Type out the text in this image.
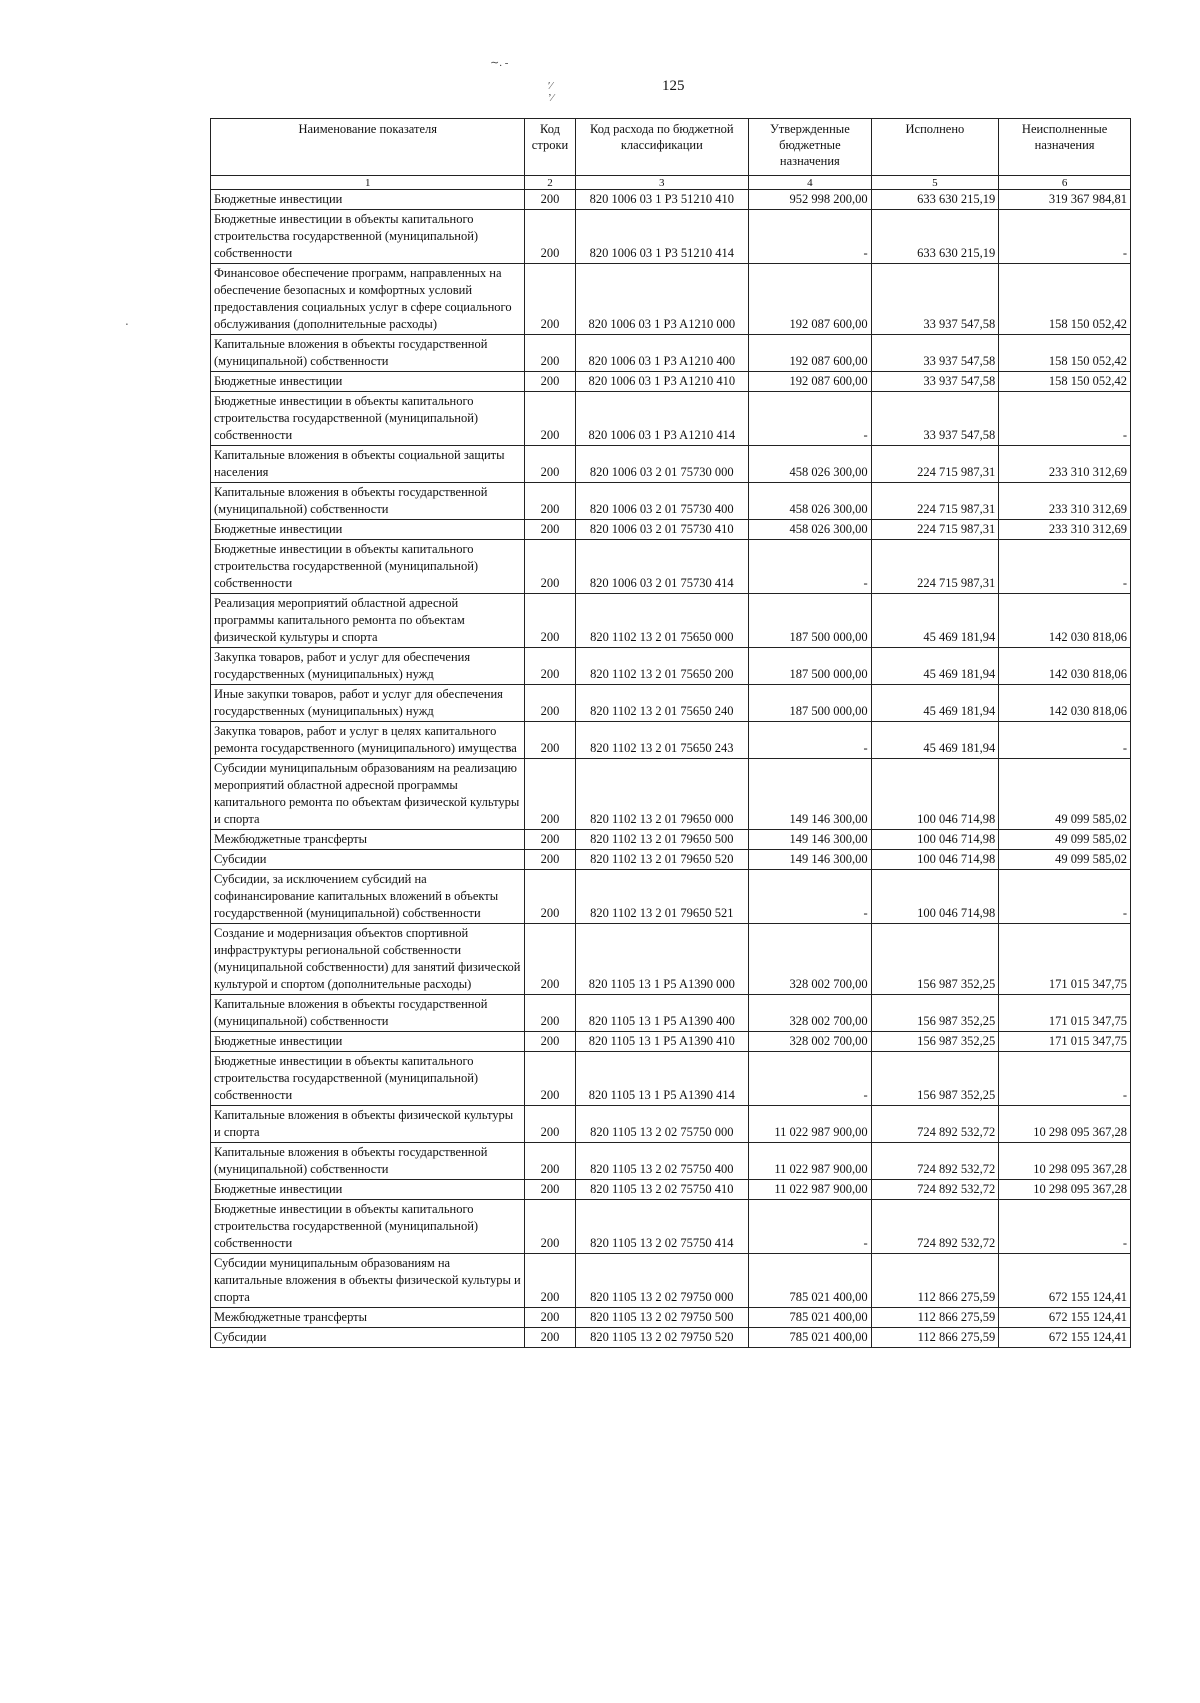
∼. -
′⁄
’⁄
⋅
125
Наименование показателя	Код строки	Код расхода по бюджетной классификации	Утвержденные бюджетные назначения	Исполнено	Неисполненные назначения
1	2	3	4	5	6
Бюджетные инвестиции	200	820 1006 03 1 P3 51210 410	952 998 200,00	633 630 215,19	319 367 984,81
Бюджетные инвестиции в объекты капитального строительства государственной (муниципальной) собственности	200	820 1006 03 1 P3 51210 414	-	633 630 215,19	-
Финансовое обеспечение программ, направленных на обеспечение безопасных и комфортных условий предоставления социальных услуг в сфере социального обслуживания (дополнительные расходы)	200	820 1006 03 1 P3 A1210 000	192 087 600,00	33 937 547,58	158 150 052,42
Капитальные вложения в объекты государственной (муниципальной) собственности	200	820 1006 03 1 P3 A1210 400	192 087 600,00	33 937 547,58	158 150 052,42
Бюджетные инвестиции	200	820 1006 03 1 P3 A1210 410	192 087 600,00	33 937 547,58	158 150 052,42
Бюджетные инвестиции в объекты капитального строительства государственной (муниципальной) собственности	200	820 1006 03 1 P3 A1210 414	-	33 937 547,58	-
Капитальные вложения в объекты социальной защиты населения	200	820 1006 03 2 01 75730 000	458 026 300,00	224 715 987,31	233 310 312,69
Капитальные вложения в объекты государственной (муниципальной) собственности	200	820 1006 03 2 01 75730 400	458 026 300,00	224 715 987,31	233 310 312,69
Бюджетные инвестиции	200	820 1006 03 2 01 75730 410	458 026 300,00	224 715 987,31	233 310 312,69
Бюджетные инвестиции в объекты капитального строительства государственной (муниципальной) собственности	200	820 1006 03 2 01 75730 414	-	224 715 987,31	-
Реализация мероприятий областной адресной программы капитального ремонта по объектам физической культуры и спорта	200	820 1102 13 2 01 75650 000	187 500 000,00	45 469 181,94	142 030 818,06
Закупка товаров, работ и услуг для обеспечения государственных (муниципальных) нужд	200	820 1102 13 2 01 75650 200	187 500 000,00	45 469 181,94	142 030 818,06
Иные закупки товаров, работ и услуг для обеспечения государственных (муниципальных) нужд	200	820 1102 13 2 01 75650 240	187 500 000,00	45 469 181,94	142 030 818,06
Закупка товаров, работ и услуг в целях капитального ремонта государственного (муниципального) имущества	200	820 1102 13 2 01 75650 243	-	45 469 181,94	-
Субсидии муниципальным образованиям на реализацию мероприятий областной адресной программы капитального ремонта по объектам физической культуры и спорта	200	820 1102 13 2 01 79650 000	149 146 300,00	100 046 714,98	49 099 585,02
Межбюджетные трансферты	200	820 1102 13 2 01 79650 500	149 146 300,00	100 046 714,98	49 099 585,02
Субсидии	200	820 1102 13 2 01 79650 520	149 146 300,00	100 046 714,98	49 099 585,02
Субсидии, за исключением субсидий на софинансирование капитальных вложений в объекты государственной (муниципальной) собственности	200	820 1102 13 2 01 79650 521	-	100 046 714,98	-
Создание и модернизация объектов спортивной инфраструктуры региональной собственности (муниципальной собственности) для занятий физической культурой и спортом (дополнительные расходы)	200	820 1105 13 1 P5 A1390 000	328 002 700,00	156 987 352,25	171 015 347,75
Капитальные вложения в объекты государственной (муниципальной) собственности	200	820 1105 13 1 P5 A1390 400	328 002 700,00	156 987 352,25	171 015 347,75
Бюджетные инвестиции	200	820 1105 13 1 P5 A1390 410	328 002 700,00	156 987 352,25	171 015 347,75
Бюджетные инвестиции в объекты капитального строительства государственной (муниципальной) собственности	200	820 1105 13 1 P5 A1390 414	-	156 987 352,25	-
Капитальные вложения в объекты физической культуры и спорта	200	820 1105 13 2 02 75750 000	11 022 987 900,00	724 892 532,72	10 298 095 367,28
Капитальные вложения в объекты государственной (муниципальной) собственности	200	820 1105 13 2 02 75750 400	11 022 987 900,00	724 892 532,72	10 298 095 367,28
Бюджетные инвестиции	200	820 1105 13 2 02 75750 410	11 022 987 900,00	724 892 532,72	10 298 095 367,28
Бюджетные инвестиции в объекты капитального строительства государственной (муниципальной) собственности	200	820 1105 13 2 02 75750 414	-	724 892 532,72	-
Субсидии муниципальным образованиям на капитальные вложения в объекты физической культуры и спорта	200	820 1105 13 2 02 79750 000	785 021 400,00	112 866 275,59	672 155 124,41
Межбюджетные трансферты	200	820 1105 13 2 02 79750 500	785 021 400,00	112 866 275,59	672 155 124,41
Субсидии	200	820 1105 13 2 02 79750 520	785 021 400,00	112 866 275,59	672 155 124,41
